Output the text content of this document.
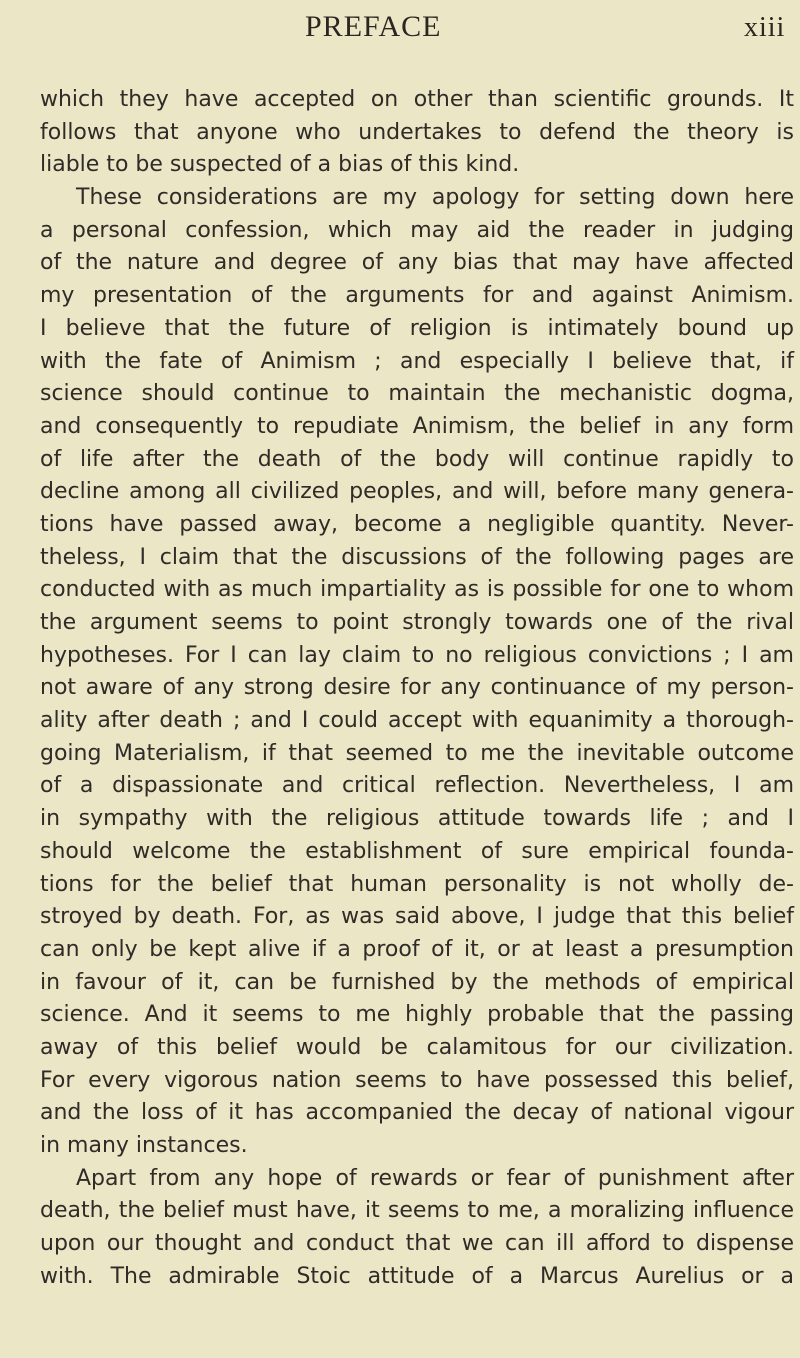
PREFACE	xiii
which they have accepted on other than scientific grounds. It
follows that anyone who undertakes to defend the theory is
liable to be suspected of a bias of this kind.
These considerations are my apology for setting down here
a personal confession, which may aid the reader in judging
of the nature and degree of any bias that may have affected
my presentation of the arguments for and against Animism.
I believe that the future of religion is intimately bound up
with the fate of Animism ; and especially I believe that, if
science should continue to maintain the mechanistic dogma,
and consequently to repudiate Animism, the belief in any form
of life after the death of the body will continue rapidly to
decline among all civilized peoples, and will, before many genera-
tions have passed away, become a negligible quantity. Never-
theless, I claim that the discussions of the following pages are
conducted with as much impartiality as is possible for one to whom
the argument seems to point strongly towards one of the rival
hypotheses. For I can lay claim to no religious convictions ; I am
not aware of any strong desire for any continuance of my person-
ality after death ; and I could accept with equanimity a thorough-
going Materialism, if that seemed to me the inevitable outcome
of a dispassionate and critical reflection. Nevertheless, I am
in sympathy with the religious attitude towards life ; and I
should welcome the establishment of sure empirical founda-
tions for the belief that human personality is not wholly de-
stroyed by death. For, as was said above, I judge that this belief
can only be kept alive if a proof of it, or at least a presumption
in favour of it, can be furnished by the methods of empirical
science. And it seems to me highly probable that the passing
away of this belief would be calamitous for our civilization.
For every vigorous nation seems to have possessed this belief,
and the loss of it has accompanied the decay of national vigour
in many instances.
Apart from any hope of rewards or fear of punishment after
death, the belief must have, it seems to me, a moralizing influence
upon our thought and conduct that we can ill afford to dispense
with. The admirable Stoic attitude of a Marcus Aurelius or a
